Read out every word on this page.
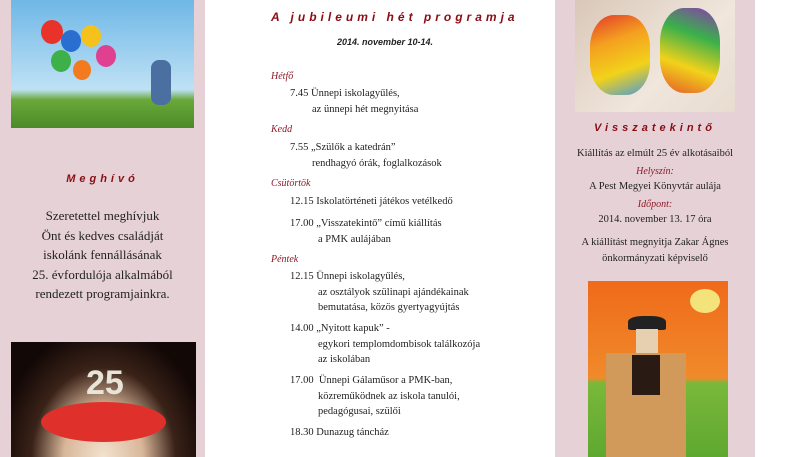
Meghívó
Szeretettel meghívjuk
Önt és kedves családját
iskolánk fennállásának
25. évfordulója alkalmából
rendezett programjainkra.
25
A jubileumi hét programja
2014. november 10-14.
Hétfő
7.45 Ünnepi iskolagyűlés,
az ünnepi hét megnyitása
Kedd
7.55 „Szülők a katedrán”
rendhagyó órák, foglalkozások
Csütörtök
12.15 Iskolatörténeti játékos vetélkedő
17.00 „Visszatekintő” című kiállítás
a PMK aulájában
Péntek
12.15 Ünnepi iskolagyűlés,
az osztályok szülinapi ajándékainak
bemutatása, közös gyertyagyújtás
14.00 „Nyitott kapuk” -
egykori templomdombisok találkozója
az iskolában
17.00 Ünnepi Gálaműsor a PMK-ban,
közreműködnek az iskola tanulói,
pedagógusai, szülői
18.30 Dunazug táncház
Visszatekintő
Kiállítás az elmúlt 25 év alkotásaiból
Helyszín:
A Pest Megyei Könyvtár aulája
Időpont:
2014. november 13. 17 óra
A kiállítást megnyitja Zakar Ágnes
önkormányzati képviselő
